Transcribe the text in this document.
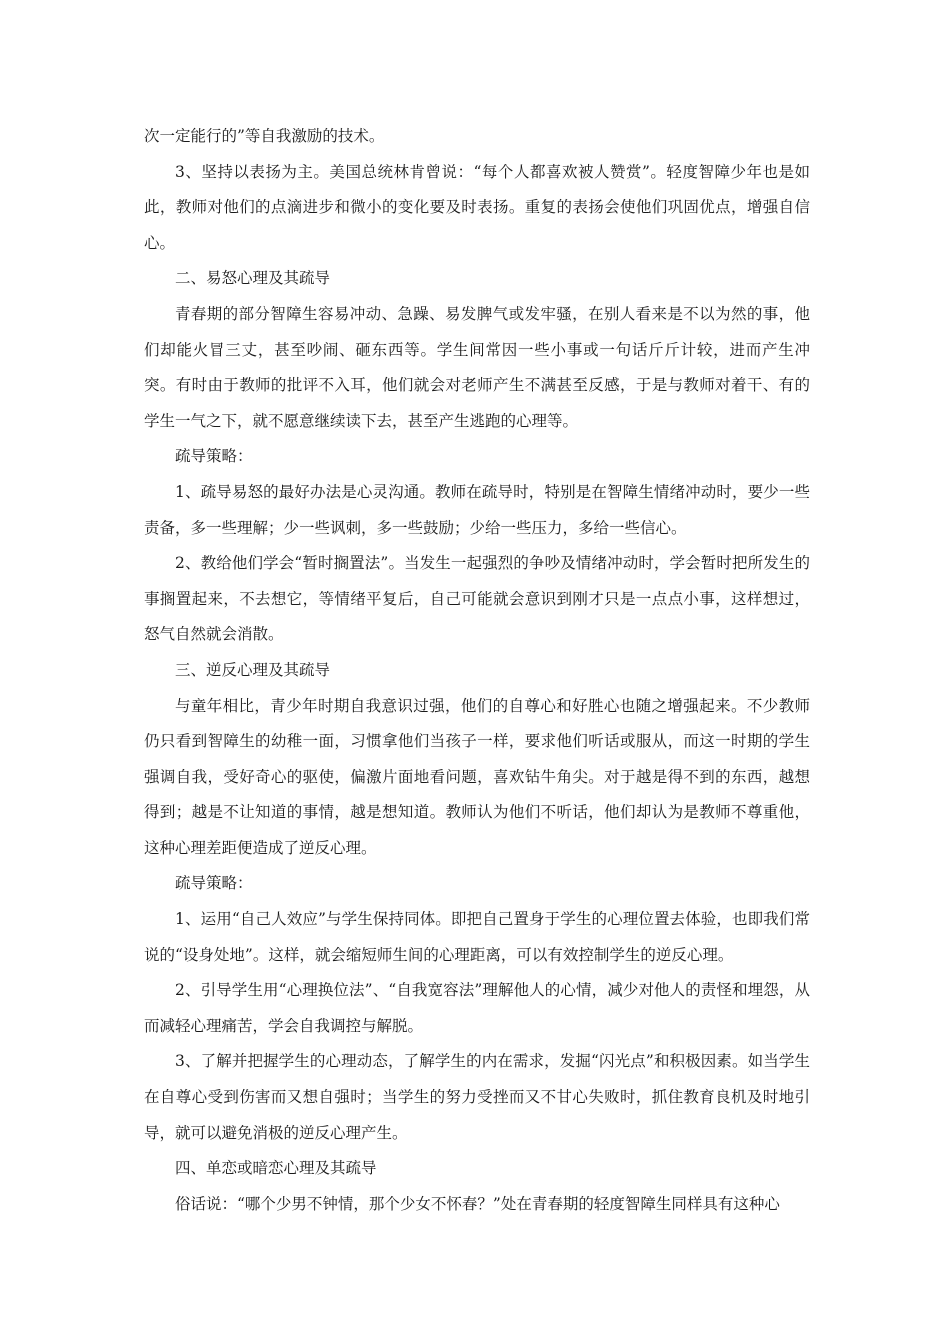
次一定能行的”等自我激励的技术。

3、坚持以表扬为主。美国总统林肯曾说：“每个人都喜欢被人赞赏”。轻度智障少年也是如此，教师对他们的点滴进步和微小的变化要及时表扬。重复的表扬会使他们巩固优点，增强自信心。

二、易怒心理及其疏导

青春期的部分智障生容易冲动、急躁、易发脾气或发牢骚，在别人看来是不以为然的事，他们却能火冒三丈，甚至吵闹、砸东西等。学生间常因一些小事或一句话斤斤计较，进而产生冲突。有时由于教师的批评不入耳，他们就会对老师产生不满甚至反感，于是与教师对着干、有的学生一气之下，就不愿意继续读下去，甚至产生逃跑的心理等。

疏导策略：

1、疏导易怒的最好办法是心灵沟通。教师在疏导时，特别是在智障生情绪冲动时，要少一些责备，多一些理解；少一些讽刺，多一些鼓励；少给一些压力，多给一些信心。

2、教给他们学会“暂时搁置法”。当发生一起强烈的争吵及情绪冲动时，学会暂时把所发生的事搁置起来，不去想它，等情绪平复后，自己可能就会意识到刚才只是一点点小事，这样想过，怒气自然就会消散。

三、逆反心理及其疏导

与童年相比，青少年时期自我意识过强，他们的自尊心和好胜心也随之增强起来。不少教师仍只看到智障生的幼稚一面，习惯拿他们当孩子一样，要求他们听话或服从，而这一时期的学生强调自我，受好奇心的驱使，偏激片面地看问题，喜欢钻牛角尖。对于越是得不到的东西，越想得到；越是不让知道的事情，越是想知道。教师认为他们不听话，他们却认为是教师不尊重他，这种心理差距便造成了逆反心理。

疏导策略：

1、运用“自己人效应”与学生保持同体。即把自己置身于学生的心理位置去体验，也即我们常说的“设身处地”。这样，就会缩短师生间的心理距离，可以有效控制学生的逆反心理。

2、引导学生用“心理换位法”、“自我宽容法”理解他人的心情，减少对他人的责怪和埋怨，从而减轻心理痛苦，学会自我调控与解脱。

3、了解并把握学生的心理动态，了解学生的内在需求，发掘“闪光点”和积极因素。如当学生在自尊心受到伤害而又想自强时；当学生的努力受挫而又不甘心失败时，抓住教育良机及时地引导，就可以避免消极的逆反心理产生。

四、单恋或暗恋心理及其疏导

俗话说：“哪个少男不钟情，那个少女不怀春？”处在青春期的轻度智障生同样具有这种心
